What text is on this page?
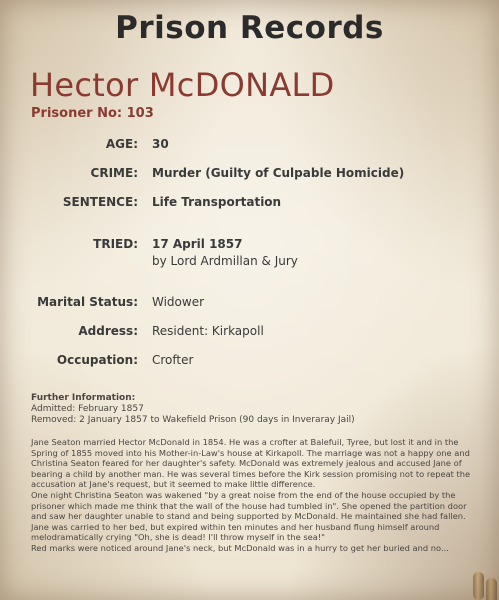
Prison Records
Hector McDONALD
Prisoner No: 103
AGE: 30
CRIME: Murder (Guilty of Culpable Homicide)
SENTENCE: Life Transportation
TRIED: 17 April 1857
by Lord Ardmillan & Jury
Marital Status: Widower
Address: Resident: Kirkapoll
Occupation: Crofter
Further Information:
Admitted: February 1857
Removed: 2 January 1857 to Wakefield Prison (90 days in Inveraray Jail)

Jane Seaton married Hector McDonald in 1854. He was a crofter at Balefuil, Tyree, but lost it and in the Spring of 1855 moved into his Mother-in-Law's house at Kirkapoll. The marriage was not a happy one and Christina Seaton feared for her daughter's safety. McDonald was extremely jealous and accused Jane of bearing a child by another man. He was several times before the Kirk session promising not to repeat the accusation at Jane's request, but it seemed to make little difference.

One night Christina Seaton was wakened "by a great noise from the end of the house occupied by the prisoner which made me think that the wall of the house had tumbled in". She opened the partition door and saw her daughter unable to stand and being supported by McDonald. He maintained she had fallen. Jane was carried to her bed, but expired within ten minutes and her husband flung himself around melodramatically crying "Oh, she is dead! I'll throw myself in the sea!"

Red marks were noticed around Jane's neck, but McDonald was in a hurry to get her buried and no...
